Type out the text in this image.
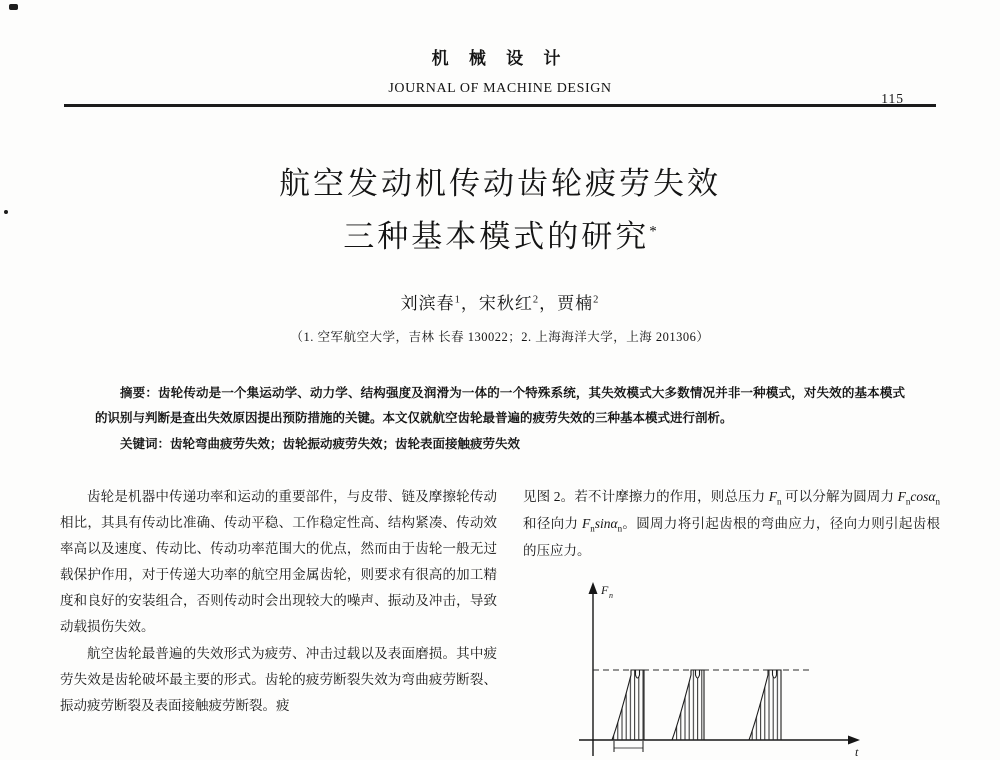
机 械 设 计
JOURNAL OF MACHINE DESIGN
115
航空发动机传动齿轮疲劳失效
三种基本模式的研究*
刘滨春$^1$，宋秋红$^2$，贾楠$^2$
（1. 空军航空大学，吉林 长春 130022；2. 上海海洋大学，上海 201306）

摘要：齿轮传动是一个集运动学、动力学、结构强度及润滑为一体的一个特殊系统，其失效模式大多数情况并非一种模式，对失效的基本模式的识别与判断是查出失效原因提出预防措施的关键。本文仅就航空齿轮最普遍的疲劳失效的三种基本模式进行剖析。

关键词：齿轮弯曲疲劳失效；齿轮振动疲劳失效；齿轮表面接触疲劳失效

齿轮是机器中传递功率和运动的重要部件，与皮带、链及摩擦轮传动相比，其具有传动比准确、传动平稳、工作稳定性高、结构紧凑、传动效率高以及速度、传动比、传动功率范围大的优点，然而由于齿轮一般无过载保护作用，对于传递大功率的航空用金属齿轮，则要求有很高的加工精度和良好的安装组合，否则传动时会出现较大的噪声、振动及冲击，导致动载损伤失效。

航空齿轮最普遍的失效形式为疲劳、冲击过载以及表面磨损。其中疲劳失效是齿轮破坏最主要的形式。齿轮的疲劳断裂失效为弯曲疲劳断裂、振动疲劳断裂及表面接触疲劳断裂。疲

见图 2。若不计摩擦力的作用，则总压力 $F_n$ 可以分解为圆周力 $F_n\cos\alpha_n$ 和径向力 $F_n\sin\alpha_n$。圆周力将引起齿根的弯曲应力，径向力则引起齿根的压应力。

F n
t
